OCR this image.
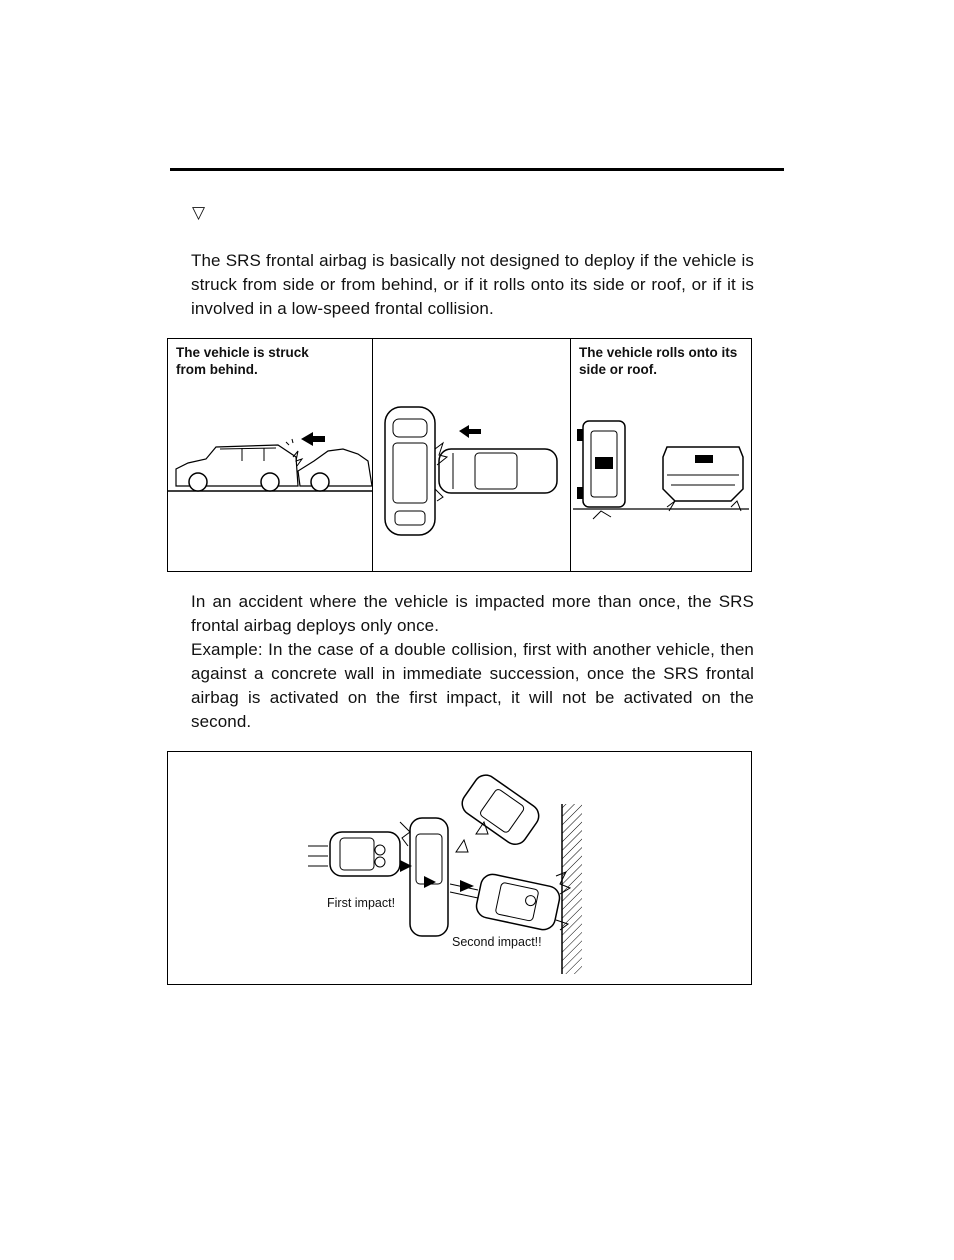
▽
The SRS frontal airbag is basically not designed to deploy if the vehicle is struck from side or from behind, or if it rolls onto its side or roof, or if it is involved in a low-speed frontal collision.
The vehicle is struck
from behind.
The vehicle rolls onto its
side or roof.
In an accident where the vehicle is impacted more than once, the SRS frontal airbag deploys only once.
Example: In the case of a double collision, first with another vehicle, then against a concrete wall in immediate succession, once the SRS frontal airbag is activated on the first impact, it will not be activated on the second.
First impact!
Second impact!!
